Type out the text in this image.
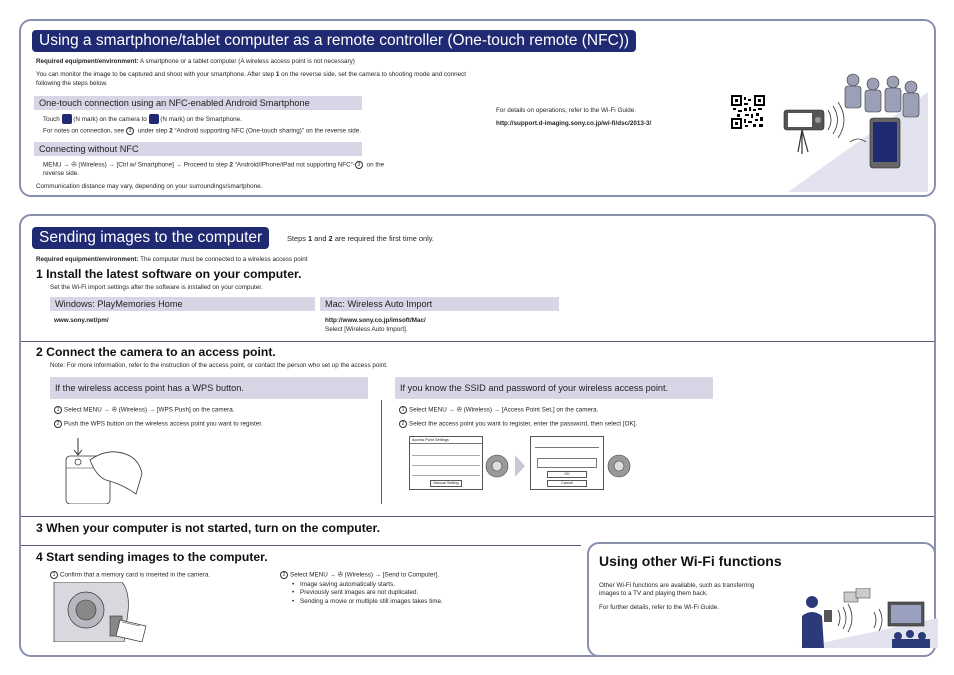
Using a smartphone/tablet computer as a remote controller (One-touch remote (NFC))
Required equipment/environment: A smartphone or a tablet computer (A wireless access point is not necessary)
You can monitor the image to be captured and shoot with your smartphone. After step 1 on the reverse side, set the camera to shooting mode and connect
following the steps below.
One-touch connection using an NFC-enabled Android Smartphone
Touch  (N mark) on the camera to  (N mark) on the Smartphone.
For notes on connection, see 3 under step 2 “Android supporting NFC (One-touch sharing)” on the reverse side.
Connecting without NFC
MENU → ✇ (Wireless) → [Ctrl w/ Smartphone] → Proceed to step 2 “Android/iPhone/iPad not supporting NFC”- 3 on the
reverse side.
Communication distance may vary, depending on your surroundings/smartphone.
For details on operations, refer to the Wi-Fi Guide.
http://support.d-imaging.sony.co.jp/wi-fi/dsc/2013-3/
Sending images to the computer	Steps 1 and 2 are required the first time only.
Required equipment/environment: The computer must be connected to a wireless access point
1 Install the latest software on your computer.
Set the Wi-Fi import settings after the software is installed on your computer.
Windows: PlayMemories Home
www.sony.net/pm/
Mac: Wireless Auto Import
http://www.sony.co.jp/imsoft/Mac/
Select [Wireless Auto Import].
2 Connect the camera to an access point.
Note: For more information, refer to the instruction of the access point, or contact the person who set up the access point.
If the wireless access point has a WPS button.	If you know the SSID and password of your wireless access point.
1 Select MENU → ✇ (Wireless) → [WPS Push] on the camera.
2 Push the WPS button on the wireless access point you want to register.
1 Select MENU → ✇ (Wireless) → [Access Point Set.] on the camera.
2 Select the access point you want to register, enter the password, then select [OK].
Access Point Settings
Manual Setting
OK
Cancel
3 When your computer is not started, turn on the computer.
4 Start sending images to the computer.
1 Confirm that a memory card is inserted in the camera.	2 Select MENU → ✇ (Wireless) → [Send to Computer].
• Image saving automatically starts.
• Previously sent images are not duplicated.
• Sending a movie or multiple still images takes time.
Using other Wi-Fi functions
Other Wi-Fi functions are available, such as transferring
images to a TV and playing them back.
For further details, refer to the Wi-Fi Guide.
